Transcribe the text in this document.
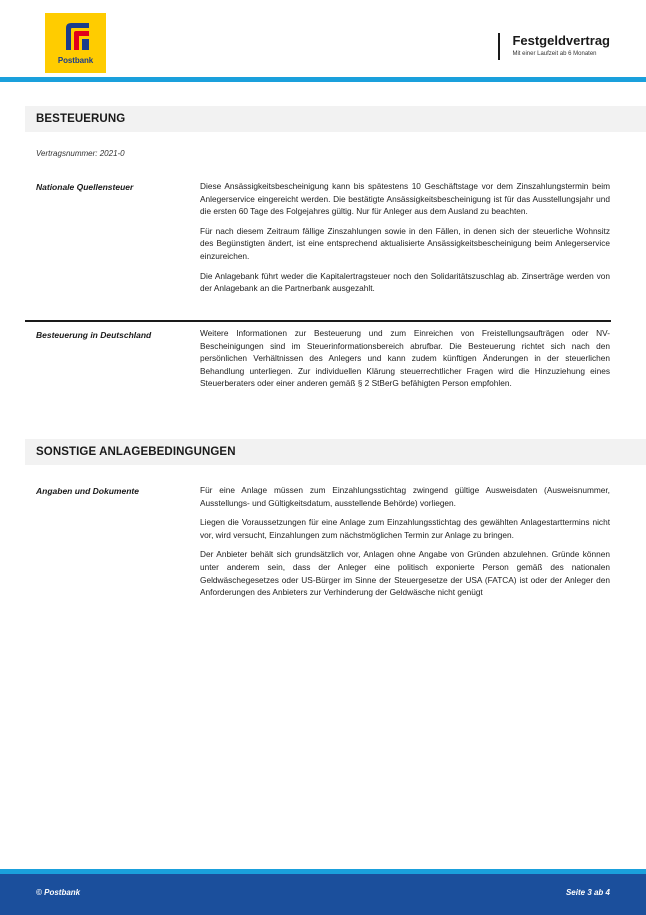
Postbank
Festgeldvertrag
Mit einer Laufzeit ab 6 Monaten
BESTEUERUNG
Vertragsnummer: 2021-0
Nationale Quellensteuer	Diese Ansässigkeitsbescheinigung kann bis spätestens 10 Geschäftstage vor dem Zinszahlungstermin beim Anlegerservice eingereicht werden. Die bestätigte Ansässigkeitsbescheinigung ist für das Ausstellungsjahr und die ersten 60 Tage des Folgejahres gültig. Nur für Anleger aus dem Ausland zu beachten.

Für nach diesem Zeitraum fällige Zinszahlungen sowie in den Fällen, in denen sich der steuerliche Wohnsitz des Begünstigten ändert, ist eine entsprechend aktualisierte Ansässigkeitsbescheinigung beim Anlegerservice einzureichen.

Die Anlagebank führt weder die Kapitalertragsteuer noch den Solidaritätszuschlag ab. Zinserträge werden von der Anlagebank an die Partnerbank ausgezahlt.

Besteuerung in Deutschland	Weitere Informationen zur Besteuerung und zum Einreichen von Freistellungsaufträgen oder NV-Bescheinigungen sind im Steuerinformationsbereich abrufbar. Die Besteuerung richtet sich nach den persönlichen Verhältnissen des Anlegers und kann zudem künftigen Änderungen in der steuerlichen Behandlung unterliegen. Zur individuellen Klärung steuerrechtlicher Fragen wird die Hinzuziehung eines Steuerberaters oder einer anderen gemäß § 2 StBerG befähigten Person empfohlen.

SONSTIGE ANLAGEBEDINGUNGEN
Angaben und Dokumente	Für eine Anlage müssen zum Einzahlungsstichtag zwingend gültige Ausweisdaten (Ausweisnummer, Ausstellungs- und Gültigkeitsdatum, ausstellende Behörde) vorliegen.

Liegen die Voraussetzungen für eine Anlage zum Einzahlungsstichtag des gewählten Anlagestarttermins nicht vor, wird versucht, Einzahlungen zum nächstmöglichen Termin zur Anlage zu bringen.

Der Anbieter behält sich grundsätzlich vor, Anlagen ohne Angabe von Gründen abzulehnen. Gründe können unter anderem sein, dass der Anleger eine politisch exponierte Person gemäß des nationalen Geldwäschegesetzes oder US-Bürger im Sinne der Steuergesetze der USA (FATCA) ist oder der Anleger den Anforderungen des Anbieters zur Verhinderung der Geldwäsche nicht genügt

© Postbank	Seite 3 ab 4
